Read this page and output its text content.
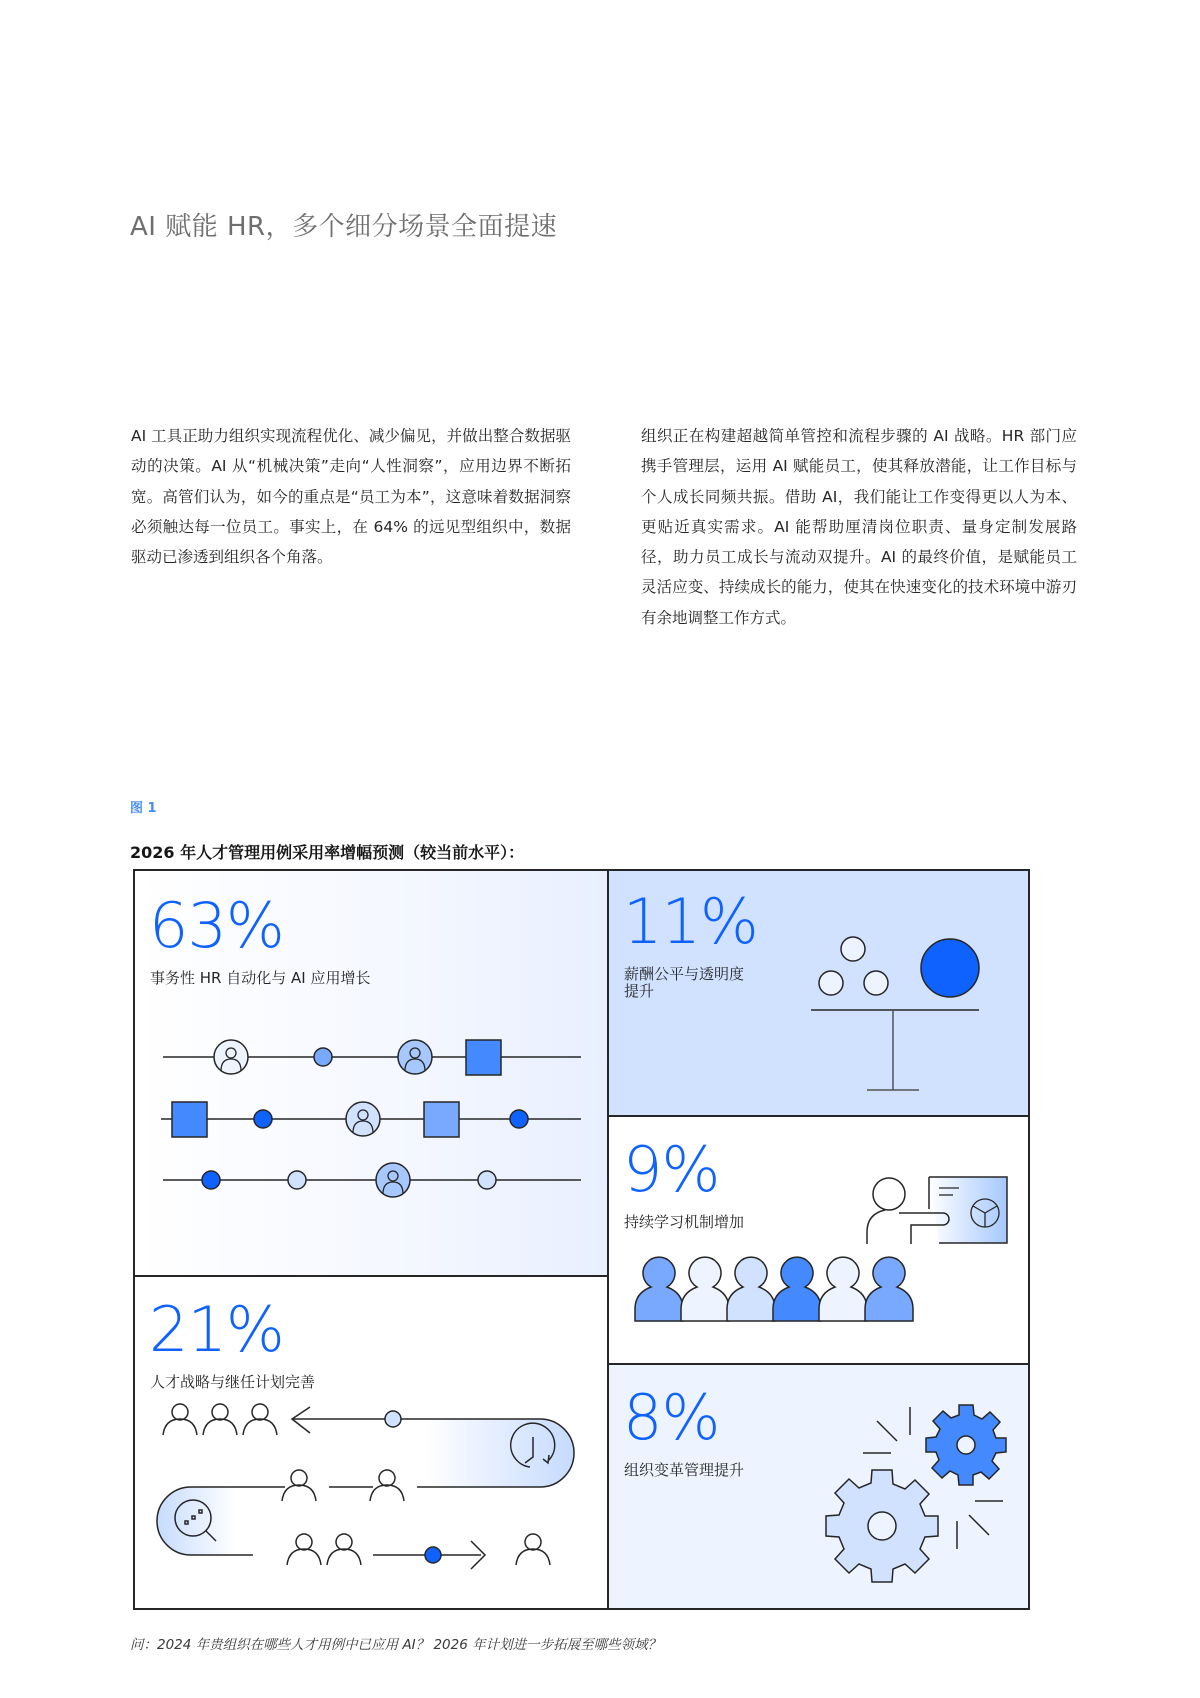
AI 赋能 HR，多个细分场景全面提速
AI 工具正助力组织实现流程优化、减少偏见，并做出整合数据驱动的决策。AI 从“机械决策”走向“人性洞察”，应用边界不断拓宽。高管们认为，如今的重点是“员工为本”，这意味着数据洞察必须触达每一位员工。事实上，在 64% 的远见型组织中，数据驱动已渗透到组织各个角落。
组织正在构建超越简单管控和流程步骤的 AI 战略。HR 部门应携手管理层，运用 AI 赋能员工，使其释放潜能，让工作目标与个人成长同频共振。借助 AI，我们能让工作变得更以人为本、更贴近真实需求。AI 能帮助厘清岗位职责、量身定制发展路径，助力员工成长与流动双提升。AI 的最终价值，是赋能员工灵活应变、持续成长的能力，使其在快速变化的技术环境中游刃有余地调整工作方式。
图 1
2026 年人才管理用例采用率增幅预测（较当前水平）：
63%
事务性 HR 自动化与 AI 应用增长
21%
人才战略与继任计划完善
11%
薪酬公平与透明度
提升
9%
持续学习机制增加
8%
组织变革管理提升
问：2024 年贵组织在哪些人才用例中已应用 AI？ 2026 年计划进一步拓展至哪些领域？
